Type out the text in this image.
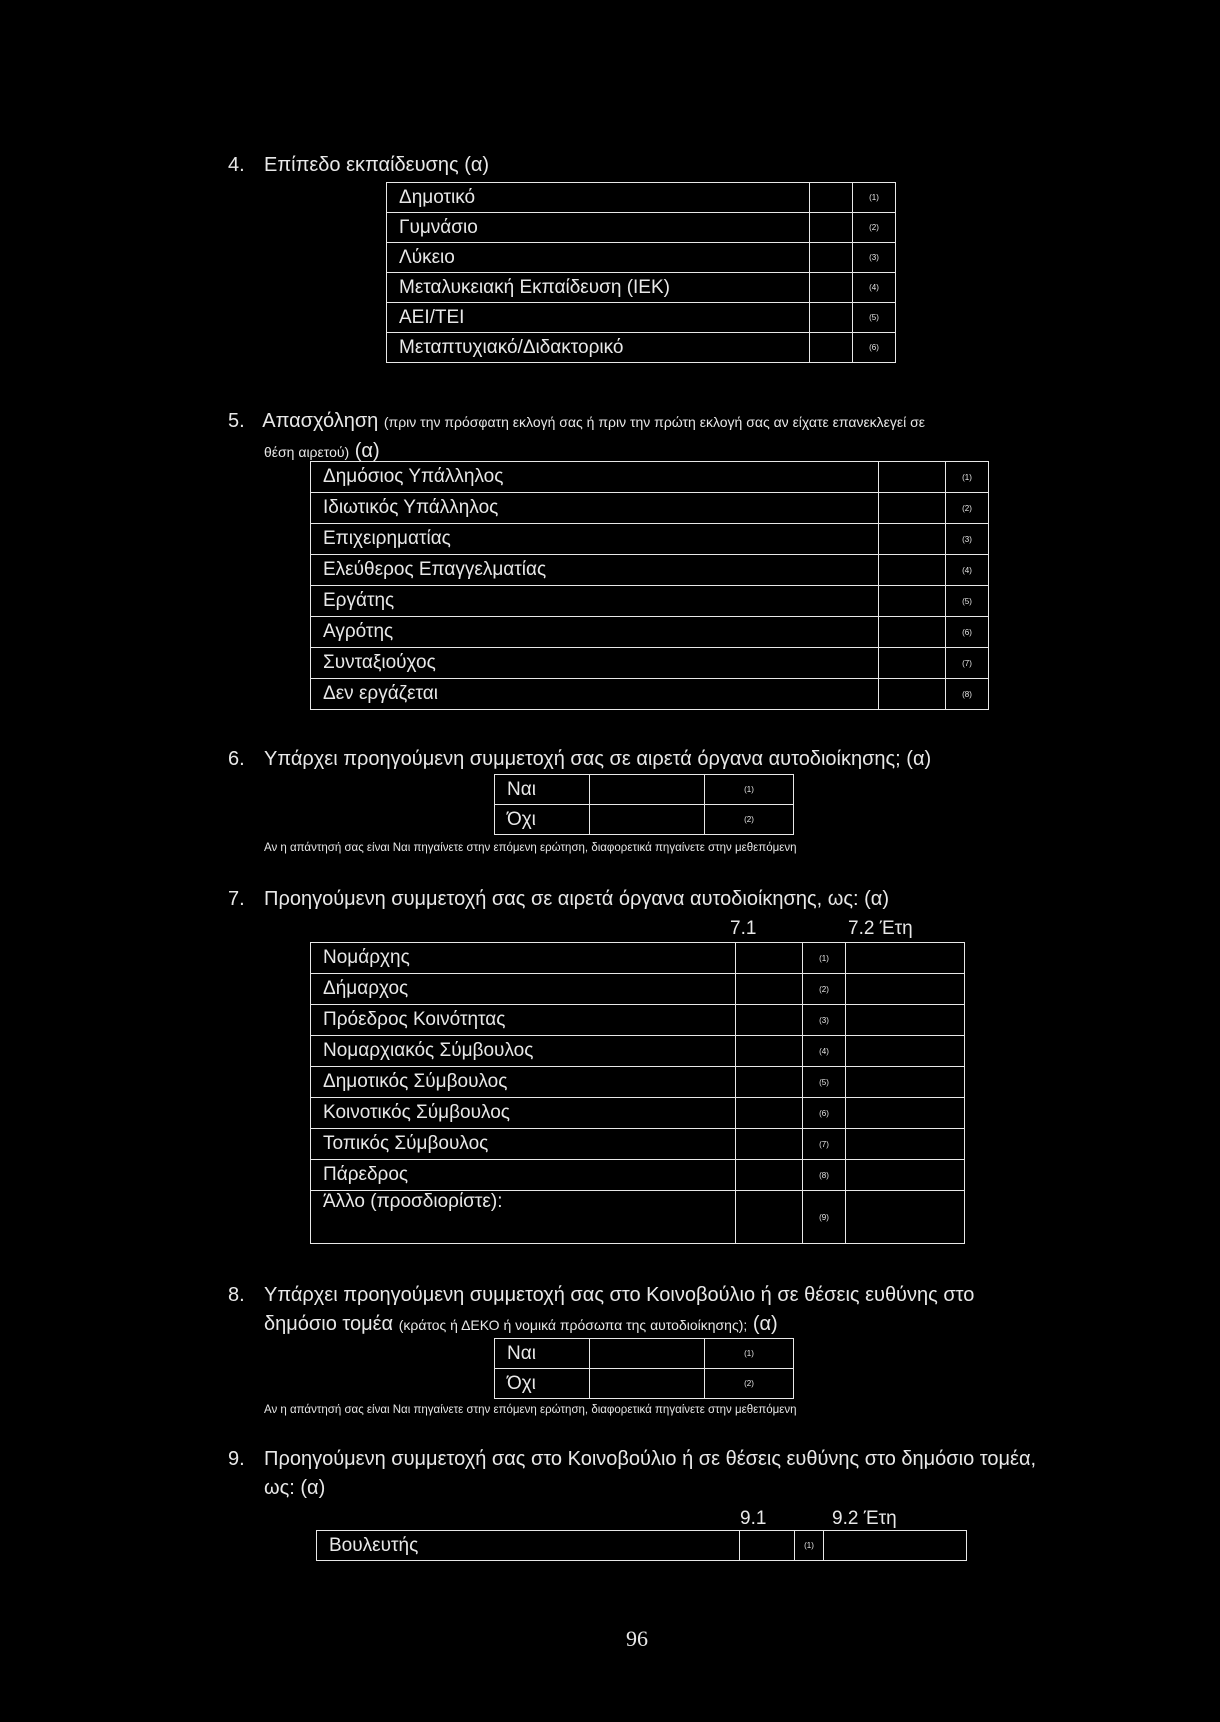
4. Επίπεδο εκπαίδευσης (α)
Δημοτικό		(1)
Γυμνάσιο		(2)
Λύκειο		(3)
Μεταλυκειακή Εκπαίδευση (ΙΕΚ)		(4)
ΑΕΙ/ΤΕΙ		(5)
Μεταπτυχιακό/Διδακτορικό		(6)
5. Απασχόληση (πριν την πρόσφατη εκλογή σας ή πριν την πρώτη εκλογή σας αν είχατε επανεκλεγεί σε
θέση αιρετού) (α)
Δημόσιος Υπάλληλος		(1)
Ιδιωτικός Υπάλληλος		(2)
Επιχειρηματίας		(3)
Ελεύθερος Επαγγελματίας		(4)
Εργάτης		(5)
Αγρότης		(6)
Συνταξιούχος		(7)
Δεν εργάζεται		(8)
6. Υπάρχει προηγούμενη συμμετοχή σας σε αιρετά όργανα αυτοδιοίκησης; (α)
Ναι		(1)
Όχι		(2)
Αν η απάντησή σας είναι Ναι πηγαίνετε στην επόμενη ερώτηση, διαφορετικά πηγαίνετε στην μεθεπόμενη
7. Προηγούμενη συμμετοχή σας σε αιρετά όργανα αυτοδιοίκησης, ως: (α)
7.1	7.2 Έτη
Νομάρχης		(1)	
Δήμαρχος		(2)	
Πρόεδρος Κοινότητας		(3)	
Νομαρχιακός Σύμβουλος		(4)	
Δημοτικός Σύμβουλος		(5)	
Κοινοτικός Σύμβουλος		(6)	
Τοπικός Σύμβουλος		(7)	
Πάρεδρος		(8)	
Άλλο (προσδιορίστε):		(9)	
8. Υπάρχει προηγούμενη συμμετοχή σας στο Κοινοβούλιο ή σε θέσεις ευθύνης στο
δημόσιο τομέα (κράτος ή ΔΕΚΟ ή νομικά πρόσωπα της αυτοδιοίκησης); (α)
Ναι		(1)
Όχι		(2)
Αν η απάντησή σας είναι Ναι πηγαίνετε στην επόμενη ερώτηση, διαφορετικά πηγαίνετε στην μεθεπόμενη
9. Προηγούμενη συμμετοχή σας στο Κοινοβούλιο ή σε θέσεις ευθύνης στο δημόσιο τομέα,
ως: (α)
9.1	9.2 Έτη
Βουλευτής		(1)	
96
